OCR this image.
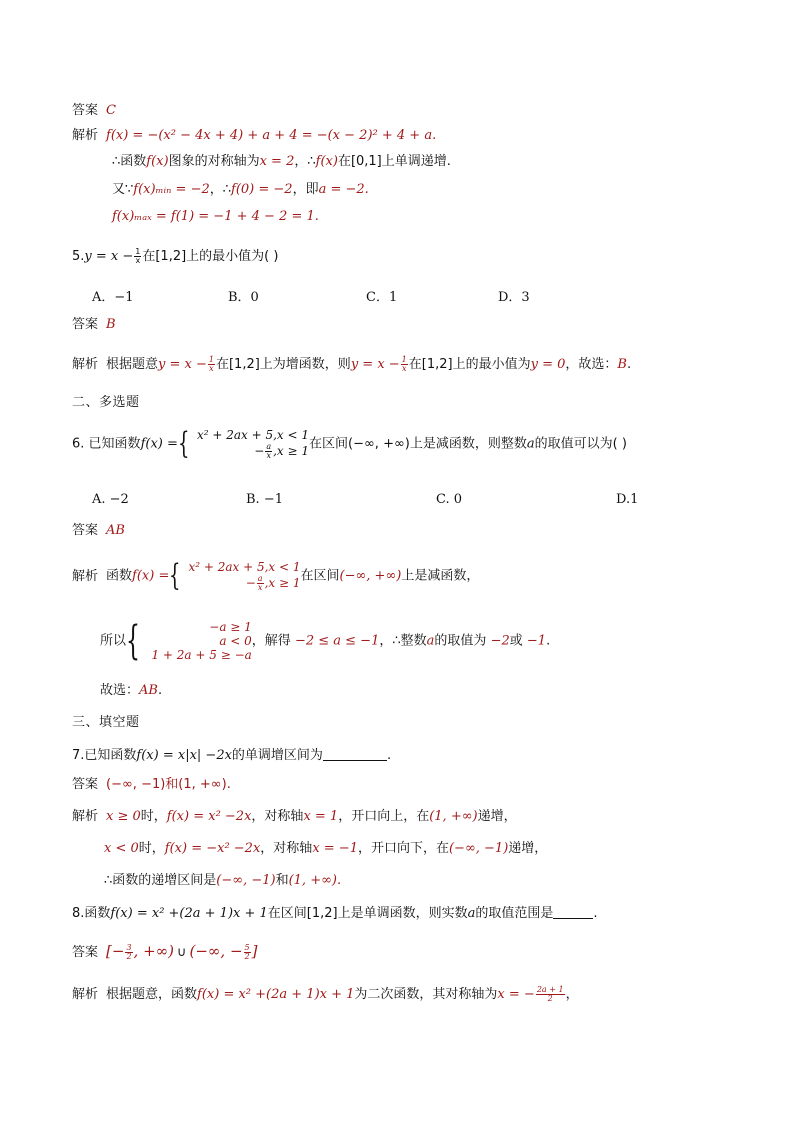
答案 C
解析 f(x) = −(x² − 4x + 4) + a + 4 = −(x − 2)² + 4 + a.
∴函数f(x)图象的对称轴为x = 2，∴f(x)在[0,1]上单调递增.
又∵f(x)ₘᵢₙ = −2，∴f(0) = −2，即a = −2.
f(x)ₘₐₓ = f(1) = −1 + 4 − 2 = 1.
$5.y = x - \frac{1}{x}$ 在[1,2]上的最小值为( )
A．−1	B．0	C．1	D．3
答案 B
解析 根据题意$y = x - \frac{1}{x}$ 在[1,2]上为增函数，则$y = x - \frac{1}{x}$ 在[1,2]上的最小值为y = 0，故选：B.
二、多选题
6. 已知函数f(x) ={ x² + 2ax + 5,x < 1
− $\frac{a}{x} ,x \ge 1$ 在区间(−∞, +∞)上是减函数，则整数a的取值可以为( )
A. −2	B. −1	C. 0	D.1
答案 AB
解析 函数f(x) ={ x² + 2ax + 5,x < 1
− $\frac{a}{x} ,x \ge 1$ 在区间(−∞, +∞)上是减函数，
所以{	−a ≥ 1
a < 0
1 + 2a + 5 ≥ −a
，解得 −2 ≤ a ≤ −1，∴整数a的取值为 −2或 −1.
故选：AB.
三、填空题
7.已知函数f(x) = x|x| −2x的单调增区间为	.
答案 (−∞, −1)和(1, +∞).
解析 x ≥ 0时，f(x) = x² −2x，对称轴x = 1，开口向上，在(1, +∞)递增，
x < 0时，f(x) = −x² −2x，对称轴x = −1，开口向下，在(−∞, −1)递增，
∴函数的递增区间是(−∞, −1)和(1, +∞).
8.函数f(x) = x² +(2a + 1)x + 1在区间[1,2]上是单调函数，则实数a的取值范围是	.
答案 [− $\frac{3}{2}$ , +∞) ∪ (−∞, − $\frac{5}{2}$ ]
解析 根据题意，函数f(x) = x² +(2a + 1)x + 1为二次函数，其对称轴为x = − $\frac{2a + 1}{2}$ ，
